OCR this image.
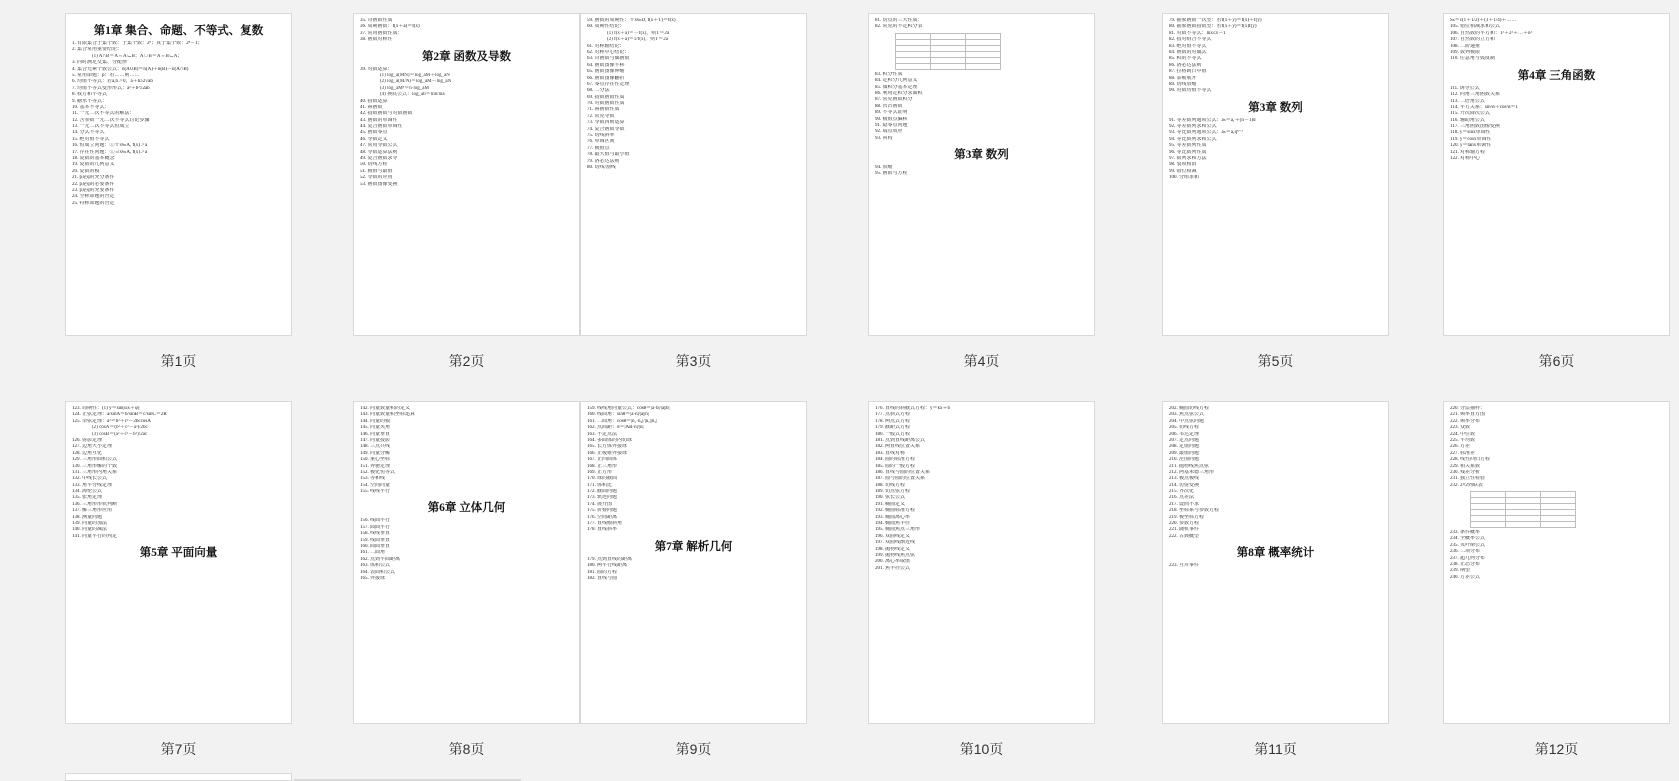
第1章 集合、命题、不等式、复数
1. 有限集合子集个数：子集个数：2ⁿ；真子集个数：2ⁿ－1；
2. 集合常用重要结论：
(1) A∩B＝A⇔A⊆B；A∪B＝A⇔B⊆A；
3. 同时满足交集、分配律
4. 集合元素个数公式：n(A∪B)＝n(A)＋n(B)－n(A∩B)
5. 常用命题：p：若……则……
6. 均值不等式：若a,b＞0，a＋b≥2√ab
7. 均值不等式变形形式：a²＋b²≥2ab
8. 权方和不等式
9. 糖水不等式：
10. 基本不等式：
11. 一元二次不等式的解法：
12. 含参数一元二次不等式讨论步骤
13. 一元二次不等式恒成立
14. 分式不等式
15. 绝对值不等式
16. 恒成立问题：①∀x∈A, f(x)＞a
17. 存在性问题：①∃x∈A, f(x)＞a
18. 复数的基本概念
19. 复数的几何意义
20. 复数的模
21. p是q的充分条件
22. p是q的必要条件
23. p是q的充要条件
24. 全称命题的否定
25. 特称命题的否定
第1页
35. 奇函数性质
36. 周期函数：f(x＋a)＝f(x)
37. 常用函数性质：
38. 函数对称性
第2章 函数及导数
39. 对数运算：
(1) log_a(MN)＝log_aM＋log_aN
(2) log_a(M/N)＝log_aM－log_aN
(3) log_aMⁿ＝n·log_aM
(4) 换底公式：log_ab＝lnb/lna
40. 指数运算
41. 幂函数
42. 指数函数与对数函数
43. 函数的单调性
44. 复合函数单调性
45. 函数零点
46. 导数定义
47. 常用导数公式
48. 导数运算法则
49. 复合函数求导
50. 切线方程
51. 极值与最值
52. 导数的应用
53. 函数图像变换
第2页
59. 函数的周期性：∀x∈D, f(x＋T)＝f(x)
60. 周期性结论：
(1) f(x＋a)＝－f(x)，则T＝2a
(2) f(x＋a)＝1/f(x)，则T＝2a
61. 对称轴结论：
62. 对称中心结论：
63. 奇函数与偶函数
64. 函数图像平移
65. 函数图像伸缩
66. 函数图像翻折
67. 零点存在性定理
68. 二分法
69. 指数函数性质
70. 对数函数性质
71. 幂函数性质
72. 常见导数
73. 导数四则运算
74. 复合函数导数
75. 切线斜率
76. 单调区间
77. 极值点
78. 最大值与最小值
79. 洛必达法则
80. 切线/割线
第3页
81. 切点的三大性质：
82. 常见的不定积分表

83. 积分性质
84. 定积分几何意义
85. 微积分基本定理
86. 利用定积分求面积
87. 常见函数积分
88. 凹凸函数
89. 不等式证明
90. 极值点偏移
91. 隐零点问题
92. 端点效应
93. 同构
第3章 数列
94. 放缩
95. 函数与方程
第4页
79. 抽象函数一次型：若f(x＋y)＝f(x)＋f(y)
80. 抽象函数指数型：若f(x＋y)＝f(x)f(y)
81. 对数不等式：lnx≤x－1
82. 指对组合不等式
83. 绝对值不等式
84. 函数的对偶式
85. 积的不等式
86. 洛必达法则
87. 拉格朗日中值
88. 泰勒展开
89. 切线放缩
90. 对数均值不等式
第3章 数列
91. 等差数列通项公式：aₙ＝a₁＋(n－1)d
92. 等差数列求和公式
93. 等比数列通项公式：aₙ＝a₁qⁿ⁻¹
94. 等比数列求和公式
95. 等差数列性质
96. 等比数列性质
97. 数列求和方法
98. 裂项相消
99. 错位相减
100. 分组求和
第5页
Sₙ＝c(1＋1/2)＋(1＋1/4)＋……
105. 错位相减求和公式
106. 自然数的平方和：1²＋2²＋…＋n²
107. 自然数的立方和
108. 二阶递推
109. 数列极限
110. 任意角与弧度制
第4章 三角函数
111. 诱导公式
112. 同角三角函数关系
113. 二倍角公式
114. 平方关系：sin²α＋cos²α＝1
115. 升次降次公式
116. 辅助角公式
117. 三角函数图像变换
118. y＝sinx单调性
119. y＝cosx单调性
120. y＝tanx单调性
121. 对称轴方程
122. 对称中心
第6页
123. 周期性：(1) y＝sin(ωx＋φ)
124. 正弦定理：a/sinA＝b/sinB＝c/sinC＝2R
125. 余弦定理：a²＝b²＋c²－2bccosA
(2) cosA＝(b²＋c²－a²)/2bc
(3) cosB＝(a²＋c²－b²)/2ac
126. 射影定理
127. 边角大小定理
128. 边角互化
129. 三角形面积公式
130. 三角形解的个数
131. 三角形内角关系
132. 中线长公式
133. 角平分线定理
134. 海伦公式
135. 张角定理
136. 三角形形状判断
137. 解三角形应用
138. 测量问题
139. 向量的加法
140. 向量的减法
141. 向量平行的判定
第5章 平面向量
第7页
142. 向量数量积的定义
143. 向量数量积坐标运算
144. 向量的模
145. 向量夹角
146. 向量垂直
147. 向量投影
148. 三点共线
149. 向量分解
150. 重心坐标
151. 奔驰定理
152. 极化恒等式
153. 等和线
154. 空间向量
155. 线线平行
第6章 立体几何
156. 线面平行
157. 面面平行
158. 线线垂直
159. 线面垂直
160. 面面垂直
161. 二面角
162. 点到平面距离
163. 体积公式
164. 表面积公式
165. 外接球
第8页
159. 线线角向量公式：cosθ＝|a·b|/|a||b|
160. 线面角：sinθ＝|a·n|/|a||n|
161. 二面角：cosθ＝|n₁·n₂|/|n₁||n₂|
162. 点面距：d＝|AB·n|/|n|
163. 不定点法
164. 多面体的内切球
165. 长方体外接球
166. 正棱锥外接球
167. 正四面体
168. 正三角形
169. 正方形
170. 球的截面
171. 体积比
172. 截面问题
173. 轨迹问题
174. 展开图
175. 折叠问题
176. 空间距离
177. 直线倾斜角
178. 直线斜率
第7章 解析几何
179. 点到直线的距离
180. 两平行线距离
181. 圆的方程
182. 直线与圆
第9页
176. 直线的斜截式方程：y＝kx＋b
177. 点斜式方程
178. 两点式方程
179. 截距式方程
180. 一般式方程
181. 点到直线距离公式
182. 两直线位置关系
183. 直线对称
184. 圆的标准方程
185. 圆的一般方程
186. 直线与圆的位置关系
187. 圆与圆的位置关系
188. 切线方程
189. 切点弦方程
190. 弦长公式
191. 椭圆定义
192. 椭圆标准方程
193. 椭圆离心率
194. 椭圆焦半径
195. 椭圆焦点三角形
196. 双曲线定义
197. 双曲线渐近线
198. 抛物线定义
199. 抛物线焦点弦
200. 离心率取值
201. 焦半径公式
第10页
202. 椭圆切线方程
203. 焦点弦公式
204. 中点弦问题
205. 切线方程
206. 韦达定理
207. 定点问题
208. 定值问题
209. 最值问题
210. 范围问题
211. 抛物线焦点弦
212. 阿基米德三角形
213. 极点极线
214. 仿射变换
215. 齐次化
216. 点差法
217. 设而不求
218. 坐标系与参数方程
219. 极坐标方程
220. 参数方程
221. 随机事件
222. 古典概型
第8章 概率统计
223. 互斥事件
第11页
220. 分层抽样：
221. 频率直方图
222. 频率分布
223. 众数
224. 中位数
225. 平均数
226. 方差
227. 标准差
228. 线性回归方程
229. 相关系数
230. 残差分析
231. 独立性检验
232. 2×2列联表

233. 条件概率
234. 全概率公式
235. 贝叶斯公式
236. 二项分布
237. 超几何分布
238. 正态分布
239. 期望
240. 方差公式
第12页
